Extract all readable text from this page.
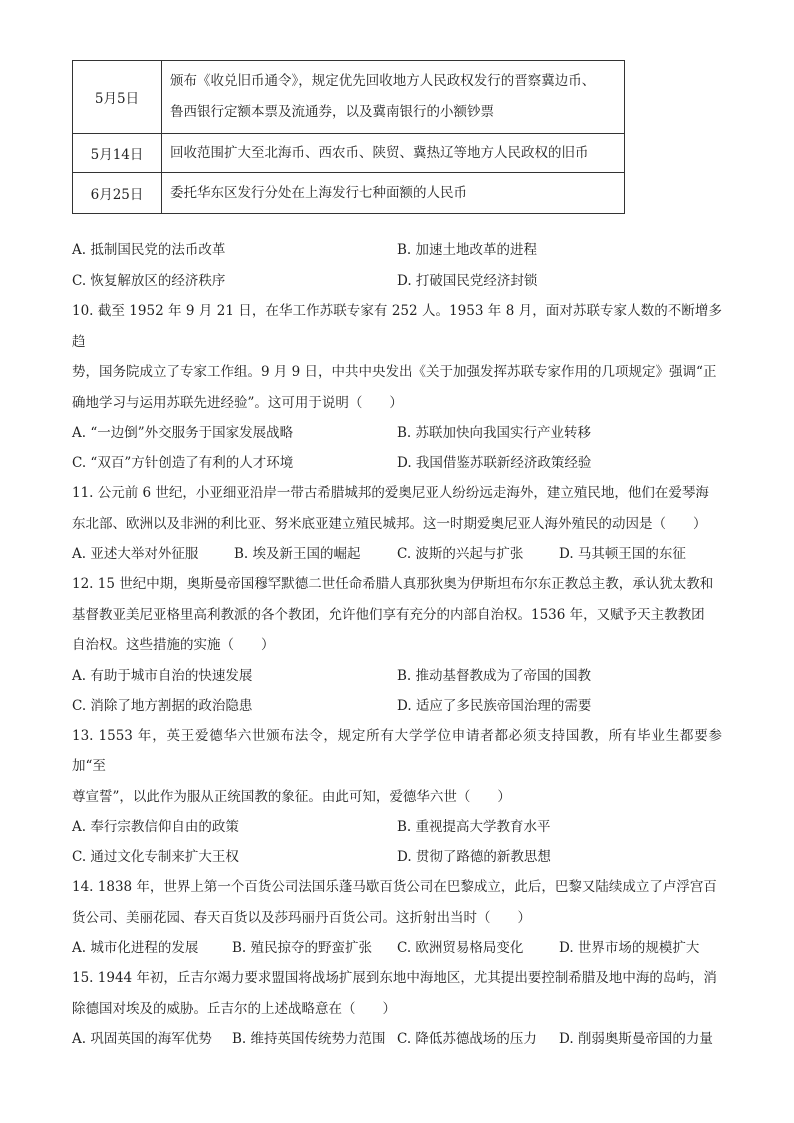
5月5日	颁布《收兑旧币通令》，规定优先回收地方人民政权发行的晋察冀边币、
鲁西银行定额本票及流通券，以及冀南银行的小额钞票

5月14日	回收范围扩大至北海币、西农币、陕贸、冀热辽等地方人民政权的旧币

6月25日	委托华东区发行分处在上海发行七种面额的人民币
A. 抵制国民党的法币改革	B. 加速土地改革的进程
C. 恢复解放区的经济秩序	D. 打破国民党经济封锁

10. 截至 1952 年 9 月 21 日，在华工作苏联专家有 252 人。1953 年 8 月，面对苏联专家人数的不断增多趋

势，国务院成立了专家工作组。9 月 9 日，中共中央发出《关于加强发挥苏联专家作用的几项规定》强调“正

确地学习与运用苏联先进经验”。这可用于说明（　　）

A. “一边倒”外交服务于国家发展战略	B. 苏联加快向我国实行产业转移
C. “双百”方针创造了有利的人才环境	D. 我国借鉴苏联新经济政策经验

11. 公元前 6 世纪，小亚细亚沿岸一带古希腊城邦的爱奥尼亚人纷纷远走海外，建立殖民地，他们在爱琴海

东北部、欧洲以及非洲的利比亚、努米底亚建立殖民城邦。这一时期爱奥尼亚人海外殖民的动因是（　　）

A. 亚述大举对外征服	B. 埃及新王国的崛起	C. 波斯的兴起与扩张	D. 马其顿王国的东征

12. 15 世纪中期，奥斯曼帝国穆罕默德二世任命希腊人真那狄奥为伊斯坦布尔东正教总主教，承认犹太教和

基督教亚美尼亚格里高利教派的各个教团，允许他们享有充分的内部自治权。1536 年，又赋予天主教教团

自治权。这些措施的实施（　　）

A. 有助于城市自治的快速发展	B. 推动基督教成为了帝国的国教
C. 消除了地方割据的政治隐患	D. 适应了多民族帝国治理的需要

13. 1553 年，英王爱德华六世颁布法令，规定所有大学学位申请者都必须支持国教，所有毕业生都要参加“至

尊宣誓”，以此作为服从正统国教的象征。由此可知，爱德华六世（　　）

A. 奉行宗教信仰自由的政策	B. 重视提高大学教育水平
C. 通过文化专制来扩大王权	D. 贯彻了路德的新教思想

14. 1838 年，世界上第一个百货公司法国乐蓬马歇百货公司在巴黎成立，此后，巴黎又陆续成立了卢浮宫百

货公司、美丽花园、春天百货以及莎玛丽丹百货公司。这折射出当时（　　）

A. 城市化进程的发展 B. 殖民掠夺的野蛮扩张 C. 欧洲贸易格局变化	D. 世界市场的规模扩大

15. 1944 年初，丘吉尔竭力要求盟国将战场扩展到东地中海地区，尤其提出要控制希腊及地中海的岛屿，消

除德国对埃及的威胁。丘吉尔的上述战略意在（　　）

A. 巩固英国的海军优势 B. 维持英国传统势力范围 C. 降低苏德战场的压力 D. 削弱奥斯曼帝国的力量
